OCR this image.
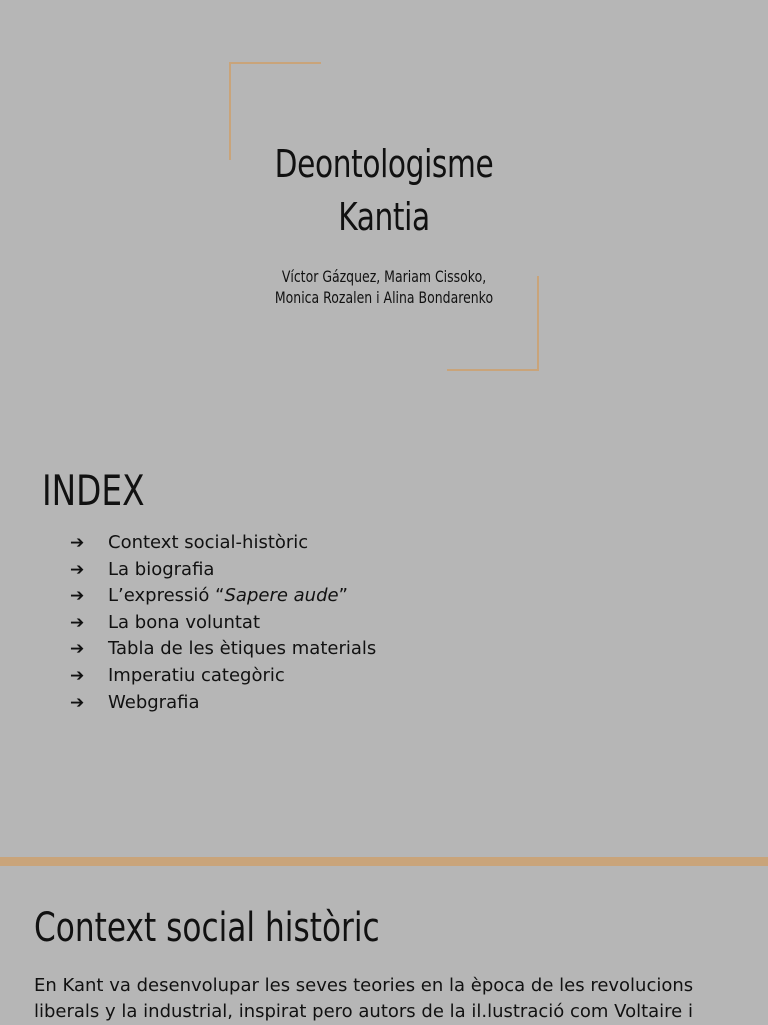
Deontologisme
Kantia
Víctor Gázquez, Mariam Cissoko,
Monica Rozalen i Alina Bondarenko
INDEX
➔	Context social-històric
➔	La biografia
➔	L’expressió “Sapere aude”
➔	La bona voluntat
➔	Tabla de les ètiques materials
➔	Imperatiu categòric
➔	Webgrafia
Context social històric
En Kant va desenvolupar les seves teories en la època de les revolucions
liberals y la industrial, inspirat pero autors de la il.lustració com Voltaire i
